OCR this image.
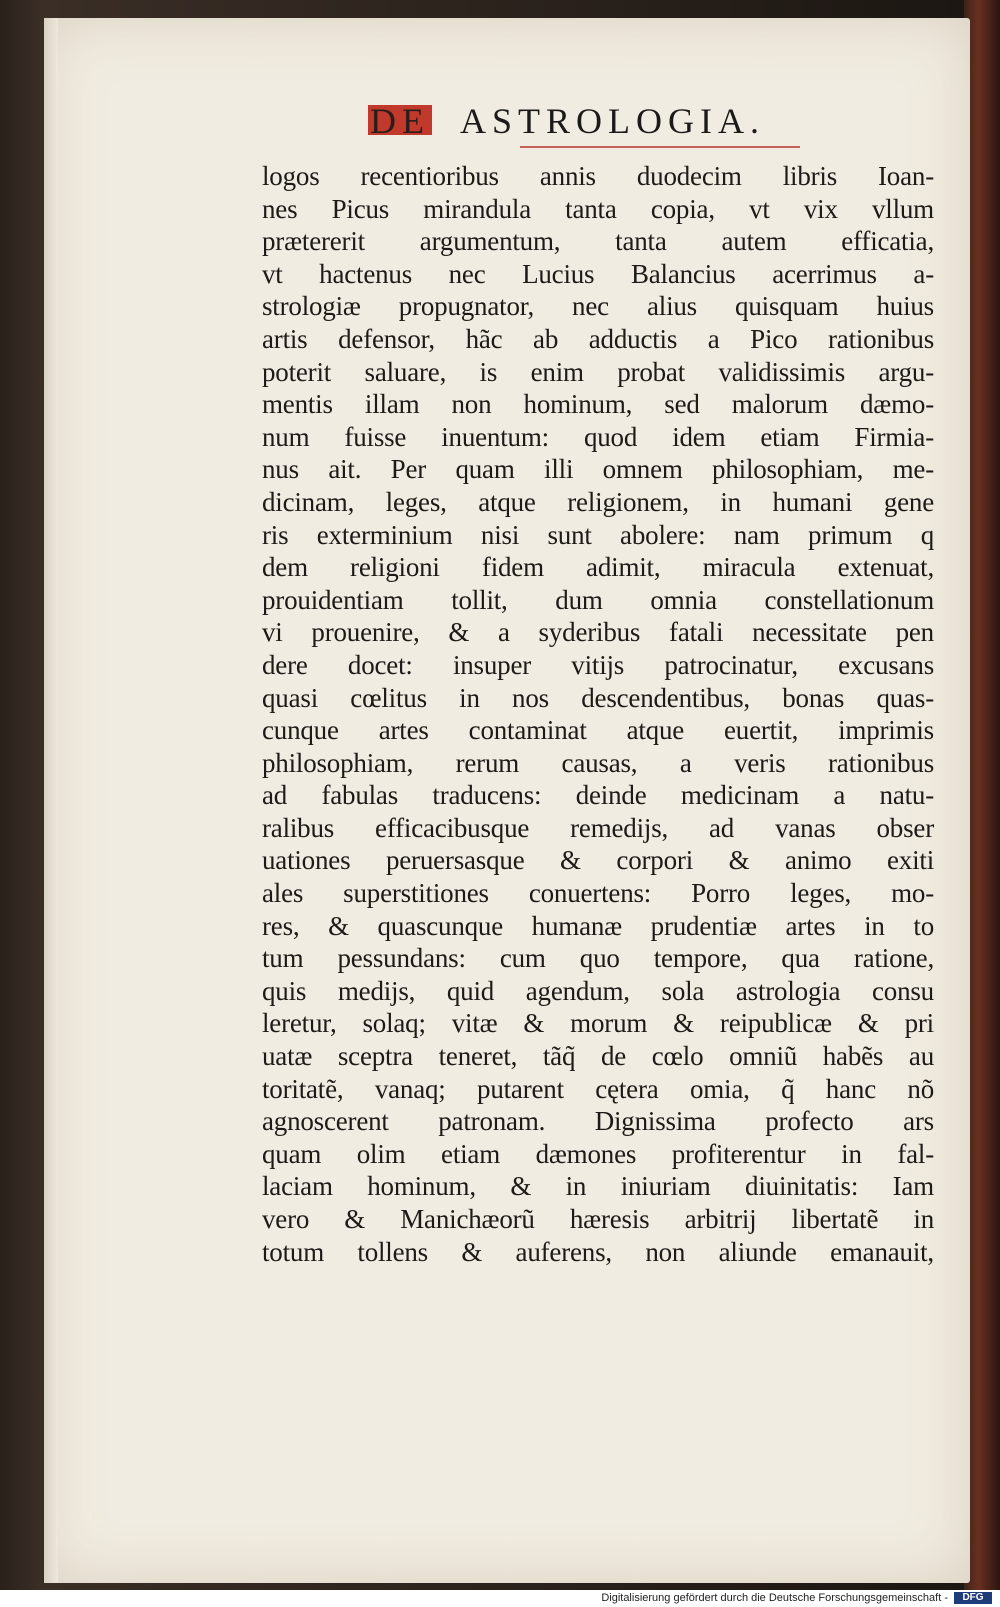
DE ASTROLOGIA.
logos recentioribus annis duodecim libris Ioan-
nes Picus mirandula tanta copia, vt vix vllum
prætererit argumentum, tanta autem efficatia,
vt hactenus nec Lucius Balancius acerrimus a-
strologiæ propugnator, nec alius quisquam huius
artis defensor, hãc ab adductis a Pico rationibus
poterit saluare, is enim probat validissimis argu-
mentis illam non hominum, sed malorum dæmo-
num fuisse inuentum: quod idem etiam Firmia-
nus ait. Per quam illi omnem philosophiam, me-
dicinam, leges, atque religionem, in humani gene
ris exterminium nisi sunt abolere: nam primum q
dem religioni fidem adimit, miracula extenuat,
prouidentiam tollit, dum omnia constellationum
vi prouenire, & a syderibus fatali necessitate pen
dere docet: insuper vitijs patrocinatur, excusans
quasi cœlitus in nos descendentibus, bonas quas-
cunque artes contaminat atque euertit, imprimis
philosophiam, rerum causas, a veris rationibus
ad fabulas traducens: deinde medicinam a natu-
ralibus efficacibusque remedijs, ad vanas obser
uationes peruersasque & corpori & animo exiti
ales superstitiones conuertens: Porro leges, mo-
res, & quascunque humanæ prudentiæ artes in to
tum pessundans: cum quo tempore, qua ratione,
quis medijs, quid agendum, sola astrologia consu
leretur, solaq; vitæ & morum & reipublicæ & pri
uatæ sceptra teneret, tãq̃ de cœlo omniũ habẽs au
toritatẽ, vanaq; putarent cętera omia, q̃ hanc nõ
agnoscerent patronam. Dignissima profecto ars
quam olim etiam dæmones profiterentur in fal-
laciam hominum, & in iniuriam diuinitatis: Iam
vero & Manichæorũ hæresis arbitrij libertatẽ in
totum tollens & auferens, non aliunde emanauit,
Digitalisierung gefördert durch die Deutsche Forschungsgemeinschaft -	DFG
